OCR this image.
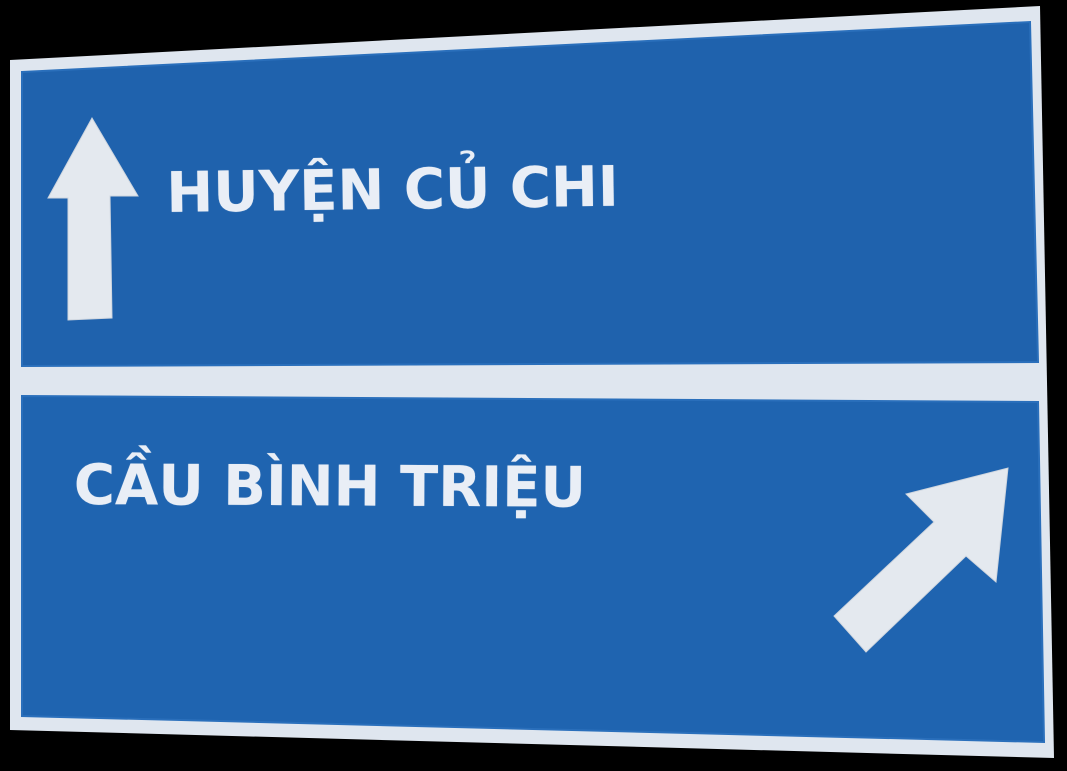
HUYỆN CỦ CHI
CẦU BÌNH TRIỆU
